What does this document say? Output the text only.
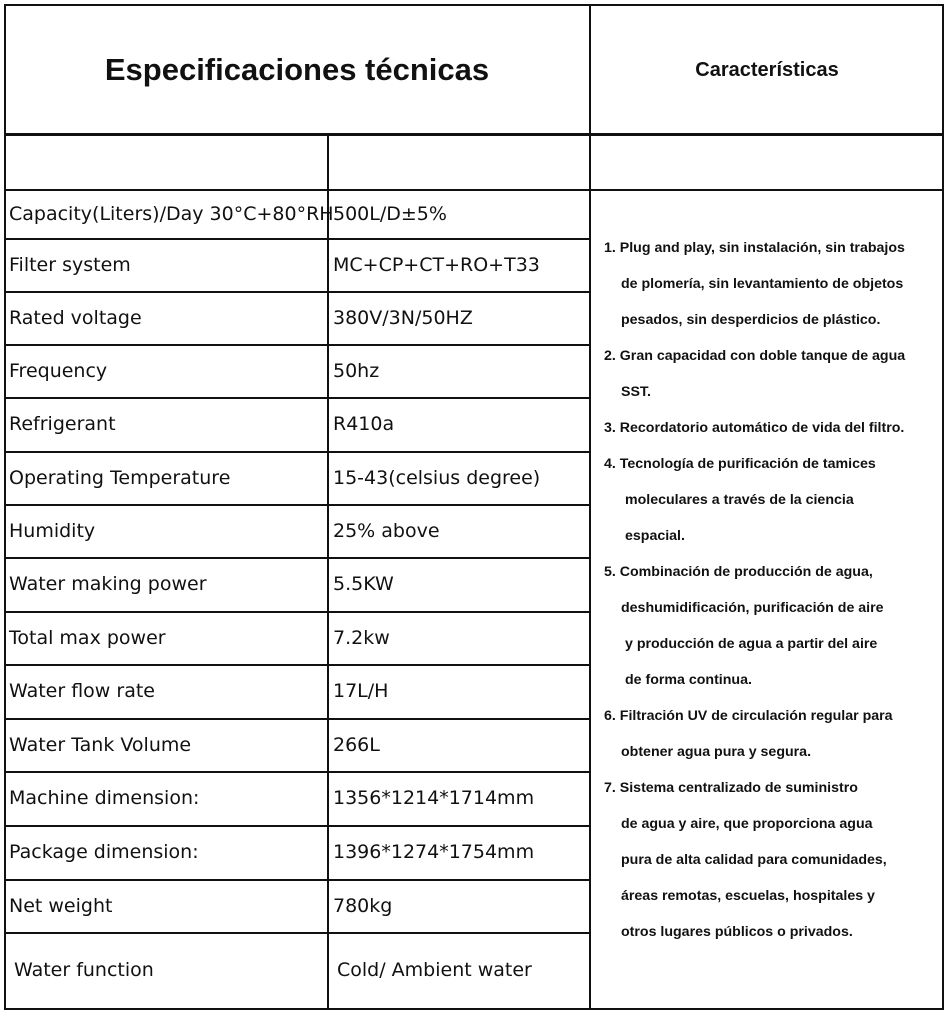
Especificaciones técnicas	Características
Capacity(Liters)/Day 30°C+80°RH 500L/D±5%
Filter system	MC+CP+CT+RO+T33
Rated voltage	380V/3N/50HZ
Frequency	50hz
Refrigerant	R410a
Operating Temperature	15-43(celsius degree)
Humidity	25% above
Water making power	5.5KW
Total max power	7.2kw
Water flow rate	17L/H
Water Tank Volume	266L
Machine dimension:	1356*1214*1714mm
Package dimension:	1396*1274*1754mm
Net weight	780kg
Water function	Cold/ Ambient water
1. Plug and play, sin instalación, sin trabajos
de plomería, sin levantamiento de objetos
pesados, sin desperdicios de plástico.
2. Gran capacidad con doble tanque de agua
SST.
3. Recordatorio automático de vida del filtro.
4. Tecnología de purificación de tamices
moleculares a través de la ciencia
espacial.
5. Combinación de producción de agua,
deshumidificación, purificación de aire
y producción de agua a partir del aire
de forma continua.
6. Filtración UV de circulación regular para
obtener agua pura y segura.
7. Sistema centralizado de suministro
de agua y aire, que proporciona agua
pura de alta calidad para comunidades,
áreas remotas, escuelas, hospitales y
otros lugares públicos o privados.
